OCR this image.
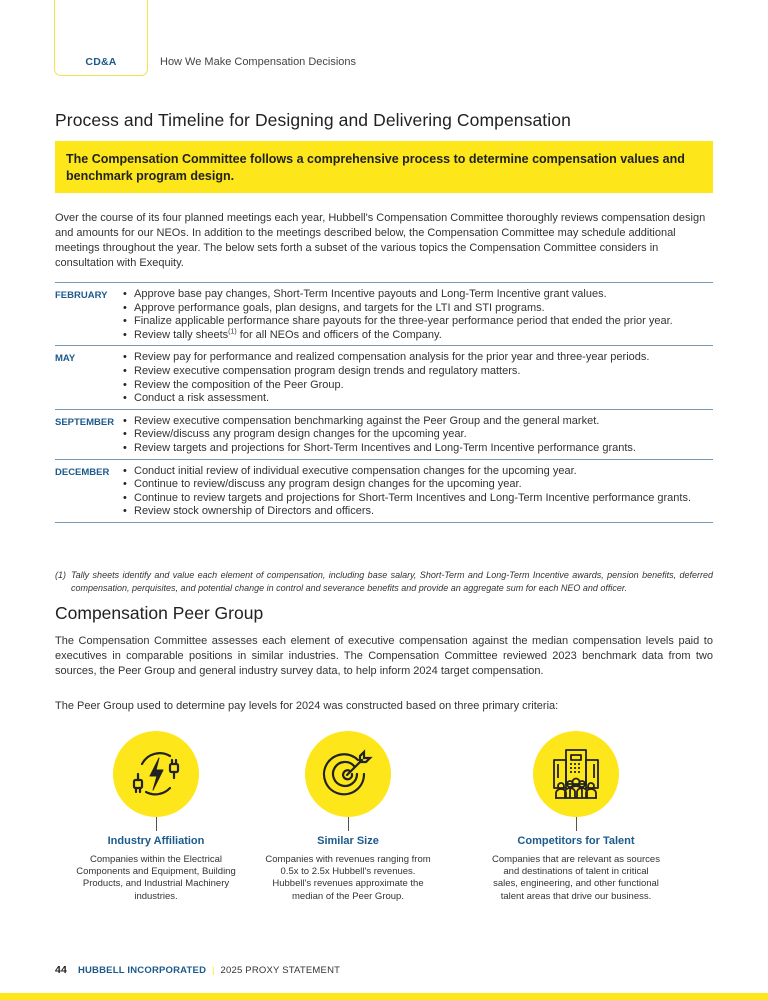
CD&A	How We Make Compensation Decisions
Process and Timeline for Designing and Delivering Compensation
The Compensation Committee follows a comprehensive process to determine compensation values and benchmark program design.

Over the course of its four planned meetings each year, Hubbell's Compensation Committee thoroughly reviews compensation design and amounts for our NEOs. In addition to the meetings described below, the Compensation Committee may schedule additional meetings throughout the year. The below sets forth a subset of the various topics the Compensation Committee considers in consultation with Exequity.

FEBRUARY	• Approve base pay changes, Short-Term Incentive payouts and Long-Term Incentive grant values.
• Approve performance goals, plan designs, and targets for the LTI and STI programs.
• Finalize applicable performance share payouts for the three-year performance period that ended the prior year.
• Review tally sheets$^{(1)}$ for all NEOs and officers of the Company.
MAY	• Review pay for performance and realized compensation analysis for the prior year and three-year periods.
• Review executive compensation program design trends and regulatory matters.
• Review the composition of the Peer Group.
• Conduct a risk assessment.
SEPTEMBER	• Review executive compensation benchmarking against the Peer Group and the general market.
• Review/discuss any program design changes for the upcoming year.
• Review targets and projections for Short-Term Incentives and Long-Term Incentive performance grants.
DECEMBER	• Conduct initial review of individual executive compensation changes for the upcoming year.
• Continue to review/discuss any program design changes for the upcoming year.
• Continue to review targets and projections for Short-Term Incentives and Long-Term Incentive performance grants.
• Review stock ownership of Directors and officers.
(1) Tally sheets identify and value each element of compensation, including base salary, Short-Term and Long-Term Incentive awards, pension benefits, deferred compensation, perquisites, and potential change in control and severance benefits and provide an aggregate sum for each NEO and officer.
Compensation Peer Group

The Compensation Committee assesses each element of executive compensation against the median compensation levels paid to executives in comparable positions in similar industries. The Compensation Committee reviewed 2023 benchmark data from two sources, the Peer Group and general industry survey data, to help inform 2024 target compensation.

The Peer Group used to determine pay levels for 2024 was constructed based on three primary criteria:

Industry Affiliation
Companies within the Electrical Components and Equipment, Building Products, and Industrial Machinery industries.
Similar Size
Companies with revenues ranging from 0.5x to 2.5x Hubbell's revenues. Hubbell's revenues approximate the median of the Peer Group.
Competitors for Talent
Companies that are relevant as sources and destinations of talent in critical sales, engineering, and other functional talent areas that drive our business.
44 HUBBELL INCORPORATED | 2025 PROXY STATEMENT
